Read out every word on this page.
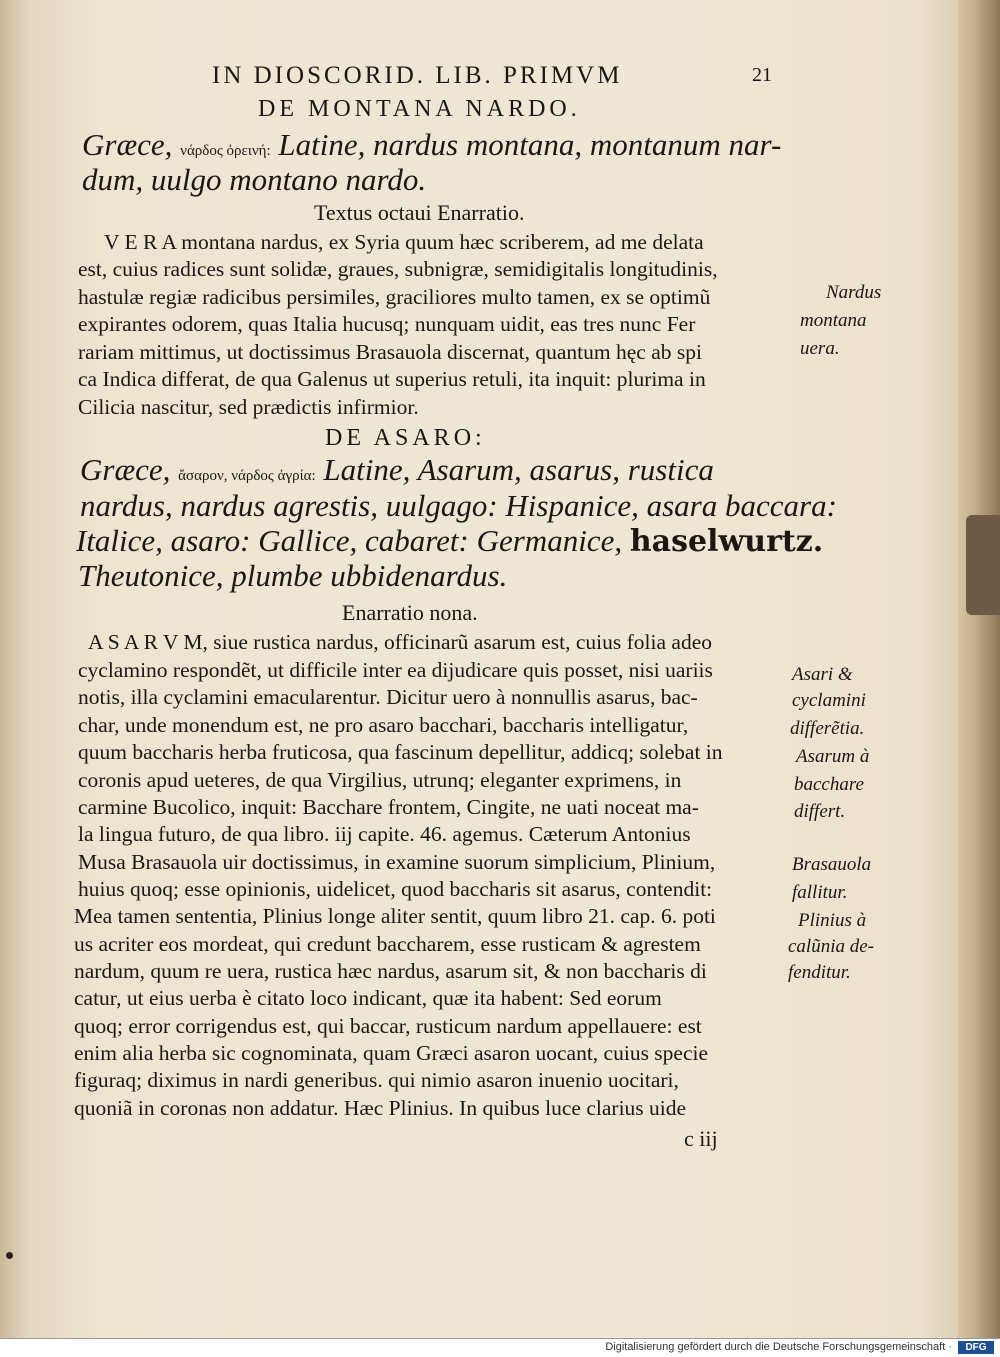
IN DIOSCORID. LIB. PRIMVM	21
DE MONTANA NARDO.
Græce, νάρδος ὀρεινή: Latine, nardus montana, montanum nar-
dum, uulgo montano nardo.
Textus octaui Enarratio.
V E R A montana nardus, ex Syria quum hæc scriberem, ad me delata
est, cuius radices sunt solidæ, graues, subnigræ, semidigitalis longitudinis,
hastulæ regiæ radicibus persimiles, graciliores multo tamen, ex se optimũ
expirantes odorem, quas Italia hucusq; nunquam uidit, eas tres nunc Fer
rariam mittimus, ut doctissimus Brasauola discernat, quantum hęc ab spi
ca Indica differat, de qua Galenus ut superius retuli, ita inquit: plurima in
Cilicia nascitur, sed prædictis infirmior.
Nardus
montana
uera.
DE ASARO:
Græce, ἄσαρον, νάρδος ἀγρία: Latine, Asarum, asarus, rustica
nardus, nardus agrestis, uulgago: Hispanice, asara baccara:
Italice, asaro: Gallice, cabaret: Germanice, haselwurtz.
Theutonice, plumbe ubbidenardus.
Enarratio nona.
A S A R V M, siue rustica nardus, officinarũ asarum est, cuius folia adeo
cyclamino respondẽt, ut difficile inter ea dijudicare quis posset, nisi uariis
notis, illa cyclamini emacularentur. Dicitur uero à nonnullis asarus, bac-
char, unde monendum est, ne pro asaro bacchari, baccharis intelligatur,
quum baccharis herba fruticosa, qua fascinum depellitur, addicq; solebat in
coronis apud ueteres, de qua Virgilius, utrunq; eleganter exprimens, in
carmine Bucolico, inquit: Bacchare frontem, Cingite, ne uati noceat ma-
la lingua futuro, de qua libro. iij capite. 46. agemus. Cæterum Antonius
Musa Brasauola uir doctissimus, in examine suorum simplicium, Plinium,
huius quoq; esse opinionis, uidelicet, quod baccharis sit asarus, contendit:
Mea tamen sententia, Plinius longe aliter sentit, quum libro 21. cap. 6. poti
us acriter eos mordeat, qui credunt baccharem, esse rusticam & agrestem
nardum, quum re uera, rustica hæc nardus, asarum sit, & non baccharis di
catur, ut eius uerba è citato loco indicant, quæ ita habent: Sed eorum
quoq; error corrigendus est, qui baccar, rusticum nardum appellauere: est
enim alia herba sic cognominata, quam Græci asaron uocant, cuius specie
figuraq; diximus in nardi generibus. qui nimio asaron inuenio uocitari,
quoniã in coronas non addatur. Hæc Plinius. In quibus luce clarius uide
Asari &
cyclamini
differẽtia.
Asarum à
bacchare
differt.
Brasauola
fallitur.
Plinius à
calũnia de-
fenditur.
c iij
Digitalisierung gefördert durch die Deutsche Forschungsgemeinschaft ·	DFG
